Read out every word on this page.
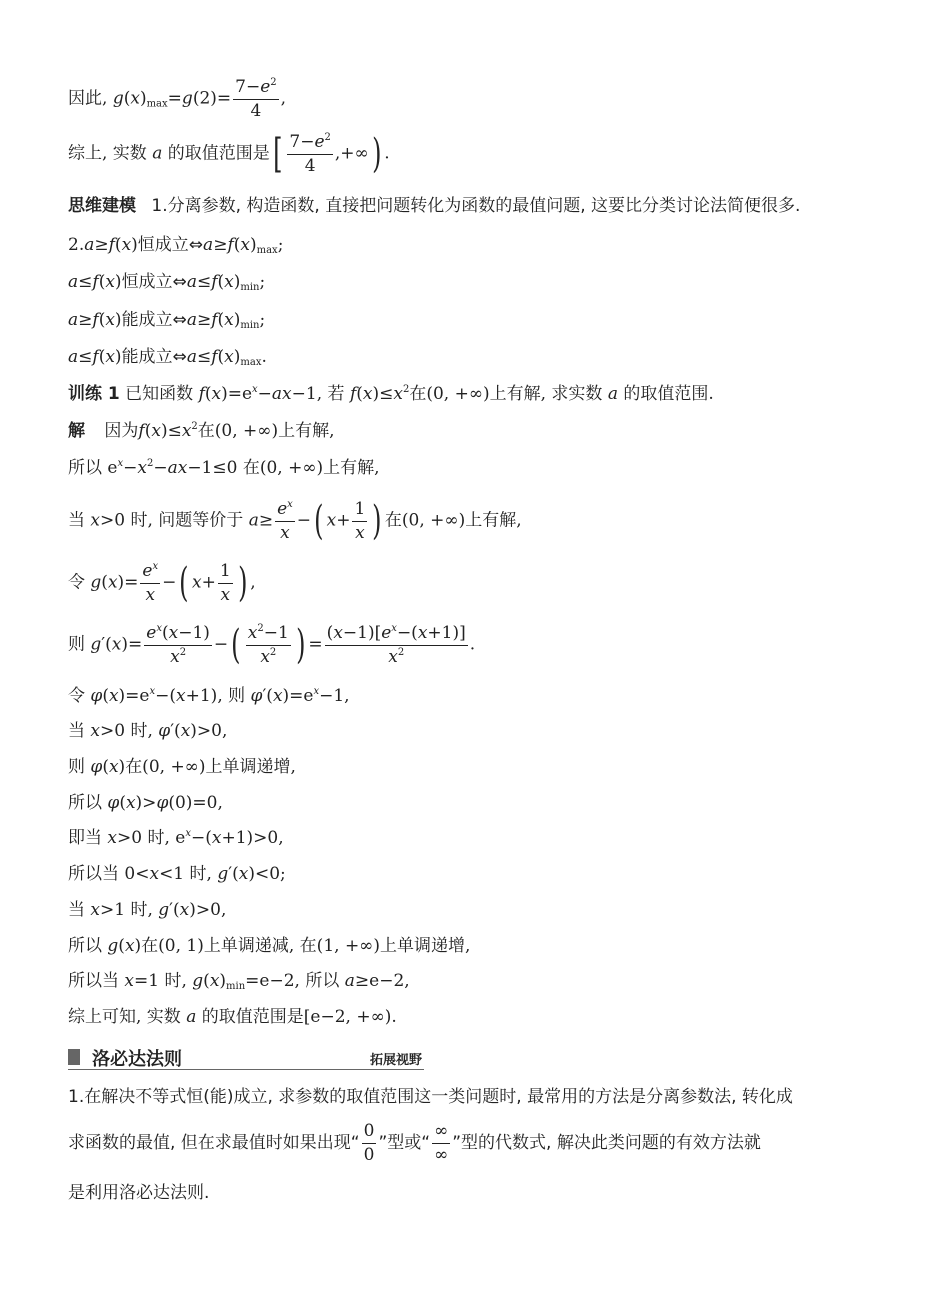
因此, $g(x)_{max}=g(2)= \frac{7-e^2}{4}$ ,
综上, 实数 a 的取值范围是[ $\frac{7-e^2}{4}$ ,+∞) .
思维建模 1.分离参数, 构造函数, 直接把问题转化为函数的最值问题, 这要比分类讨论法简便很多.
2.a≥f(x)恒成立$\Leftrightarrow a\ge f(x)_{max}$;
a≤f(x)恒成立$\Leftrightarrow a\le f(x)_{min}$;
a≥f(x)能成立$\Leftrightarrow a\ge f(x)_{min}$;
a≤f(x)能成立$\Leftrightarrow a\le f(x)_{max}$.
训练 1 已知函数 $f(x)=e^x-ax-1$, 若 $f(x)\le x^2$在(0, +∞)上有解, 求实数 a 的取值范围.
解 因为$f(x)\le x^2$在(0, +∞)上有解,
所以 $e^x-x^2-ax-1\le 0$ 在(0, +∞)上有解,
当 x>0 时, 问题等价于 $a\ge \frac{e^x}{x}$ −( $x+ \frac{1}{x}$ ) 在(0, +∞)上有解,
令 $g(x)= \frac{e^x}{x}$ −( $x+ \frac{1}{x}$ ) ,
则 $g'(x)= \frac{e^x(x-1)}{x^2}$ −( $\frac{x^2-1}{x^2}$ ) = $\frac{(x-1)[e^x-(x+1)]}{x^2}$ .
令 $\varphi(x)=e^x-(x+1)$, 则 $\varphi'(x)=e^x-1$,
当 x>0 时, φ′(x)>0,
则 φ(x)在(0, +∞)上单调递增,
所以 φ(x)>φ(0)=0,
即当 x>0 时, $e^x-(x+1)>0$,
所以当 0<x<1 时, g′(x)<0;
当 x>1 时, g′(x)>0,
所以 g(x)在(0, 1)上单调递减, 在(1, +∞)上单调递增,
所以当 x=1 时, $g(x)_{min}=e-2$, 所以 a≥e−2,
综上可知, 实数 a 的取值范围是[e−2, +∞).
洛必达法则	拓展视野
1.在解决不等式恒(能)成立, 求参数的取值范围这一类问题时, 最常用的方法是分离参数法, 转化成
求函数的最值, 但在求最值时如果出现“ $\frac{0}{0}$ ”型或“ $\frac{\infty}{\infty}$ ”型的代数式, 解决此类问题的有效方法就
是利用洛必达法则.
